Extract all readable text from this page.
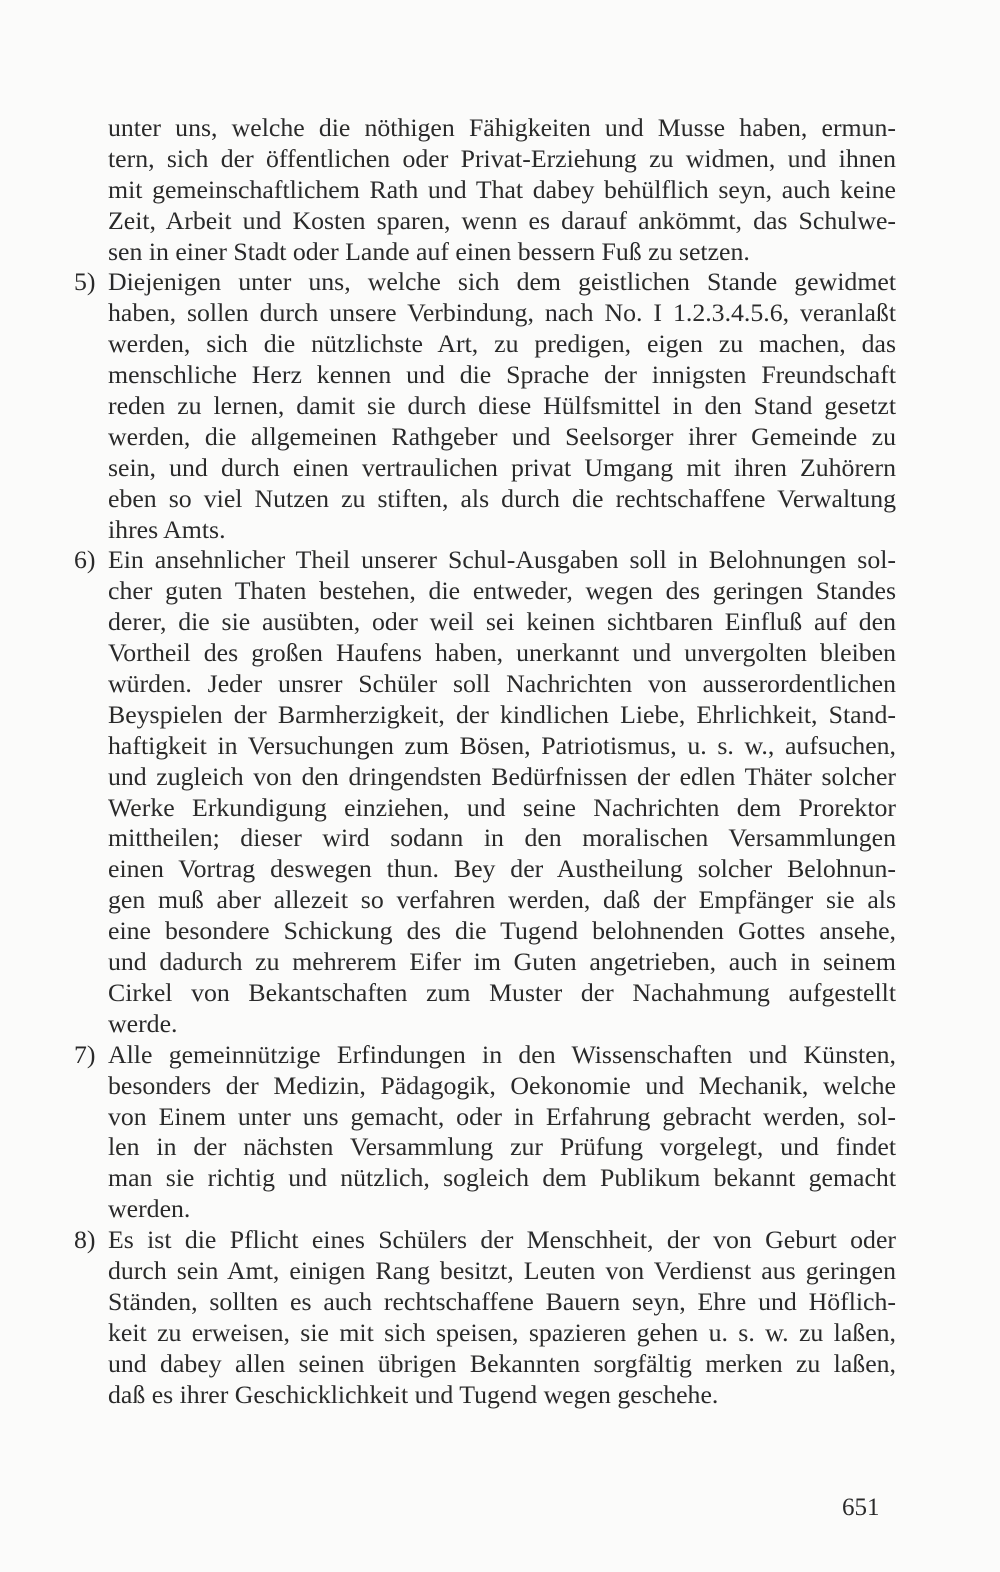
unter uns, welche die nöthigen Fähigkeiten und Musse haben, ermun-
tern, sich der öffentlichen oder Privat-Erziehung zu widmen, und ihnen
mit gemeinschaftlichem Rath und That dabey behülflich seyn, auch keine
Zeit, Arbeit und Kosten sparen, wenn es darauf ankömmt, das Schulwe-
sen in einer Stadt oder Lande auf einen bessern Fuß zu setzen.
5) Diejenigen unter uns, welche sich dem geistlichen Stande gewidmet
haben, sollen durch unsere Verbindung, nach No. I 1.2.3.4.5.6, veranlaßt
werden, sich die nützlichste Art, zu predigen, eigen zu machen, das
menschliche Herz kennen und die Sprache der innigsten Freundschaft
reden zu lernen, damit sie durch diese Hülfsmittel in den Stand gesetzt
werden, die allgemeinen Rathgeber und Seelsorger ihrer Gemeinde zu
sein, und durch einen vertraulichen privat Umgang mit ihren Zuhörern
eben so viel Nutzen zu stiften, als durch die rechtschaffene Verwaltung
ihres Amts.
6) Ein ansehnlicher Theil unserer Schul-Ausgaben soll in Belohnungen sol-
cher guten Thaten bestehen, die entweder, wegen des geringen Standes
derer, die sie ausübten, oder weil sei keinen sichtbaren Einfluß auf den
Vortheil des großen Haufens haben, unerkannt und unvergolten bleiben
würden. Jeder unsrer Schüler soll Nachrichten von ausserordentlichen
Beyspielen der Barmherzigkeit, der kindlichen Liebe, Ehrlichkeit, Stand-
haftigkeit in Versuchungen zum Bösen, Patriotismus, u. s. w., aufsuchen,
und zugleich von den dringendsten Bedürfnissen der edlen Thäter solcher
Werke Erkundigung einziehen, und seine Nachrichten dem Prorektor
mittheilen; dieser wird sodann in den moralischen Versammlungen
einen Vortrag deswegen thun. Bey der Austheilung solcher Belohnun-
gen muß aber allezeit so verfahren werden, daß der Empfänger sie als
eine besondere Schickung des die Tugend belohnenden Gottes ansehe,
und dadurch zu mehrerem Eifer im Guten angetrieben, auch in seinem
Cirkel von Bekantschaften zum Muster der Nachahmung aufgestellt
werde.
7) Alle gemeinnützige Erfindungen in den Wissenschaften und Künsten,
besonders der Medizin, Pädagogik, Oekonomie und Mechanik, welche
von Einem unter uns gemacht, oder in Erfahrung gebracht werden, sol-
len in der nächsten Versammlung zur Prüfung vorgelegt, und findet
man sie richtig und nützlich, sogleich dem Publikum bekannt gemacht
werden.
8) Es ist die Pflicht eines Schülers der Menschheit, der von Geburt oder
durch sein Amt, einigen Rang besitzt, Leuten von Verdienst aus geringen
Ständen, sollten es auch rechtschaffene Bauern seyn, Ehre und Höflich-
keit zu erweisen, sie mit sich speisen, spazieren gehen u. s. w. zu laßen,
und dabey allen seinen übrigen Bekannten sorgfältig merken zu laßen,
daß es ihrer Geschicklichkeit und Tugend wegen geschehe.
651
